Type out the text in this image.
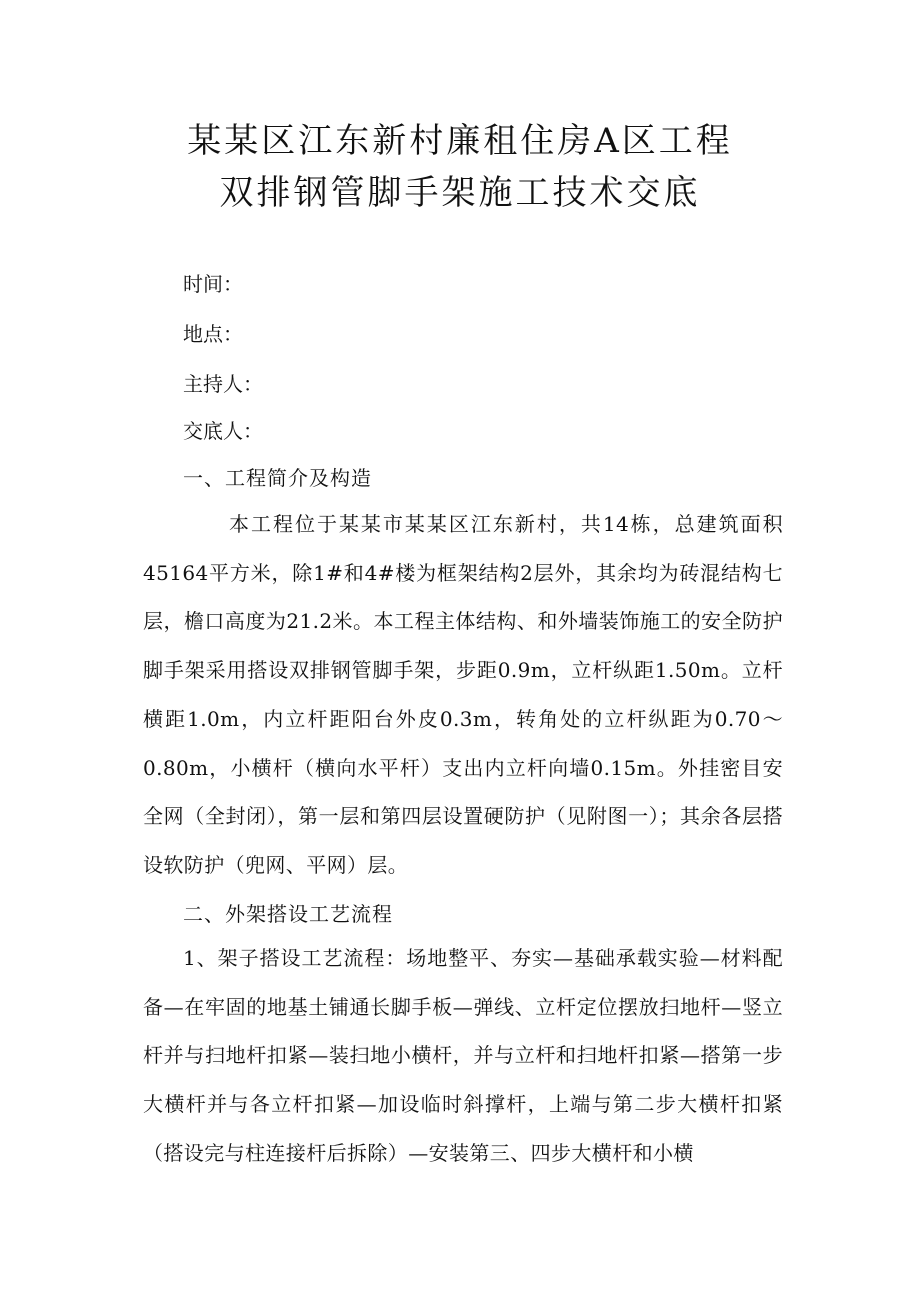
某某区江东新村廉租住房A区工程
双排钢管脚手架施工技术交底
时间：
地点：
主持人：
交底人：
一、工程简介及构造
本工程位于某某市某某区江东新村，共14栋，总建筑面积45164平方米，除1#和4#楼为框架结构2层外，其余均为砖混结构七层，檐口高度为21.2米。本工程主体结构、和外墙装饰施工的安全防护脚手架采用搭设双排钢管脚手架，步距0.9m，立杆纵距1.50m。立杆横距1.0m，内立杆距阳台外皮0.3m，转角处的立杆纵距为0.70～0.80m，小横杆（横向水平杆）支出内立杆向墙0.15m。外挂密目安全网（全封闭），第一层和第四层设置硬防护（见附图一）；其余各层搭设软防护（兜网、平网）层。
二、外架搭设工艺流程
1、架子搭设工艺流程：场地整平、夯实—基础承载实验—材料配备—在牢固的地基土铺通长脚手板—弹线、立杆定位摆放扫地杆—竖立杆并与扫地杆扣紧—装扫地小横杆，并与立杆和扫地杆扣紧—搭第一步大横杆并与各立杆扣紧—加设临时斜撑杆，上端与第二步大横杆扣紧（搭设完与柱连接杆后拆除）—安装第三、四步大横杆和小横
